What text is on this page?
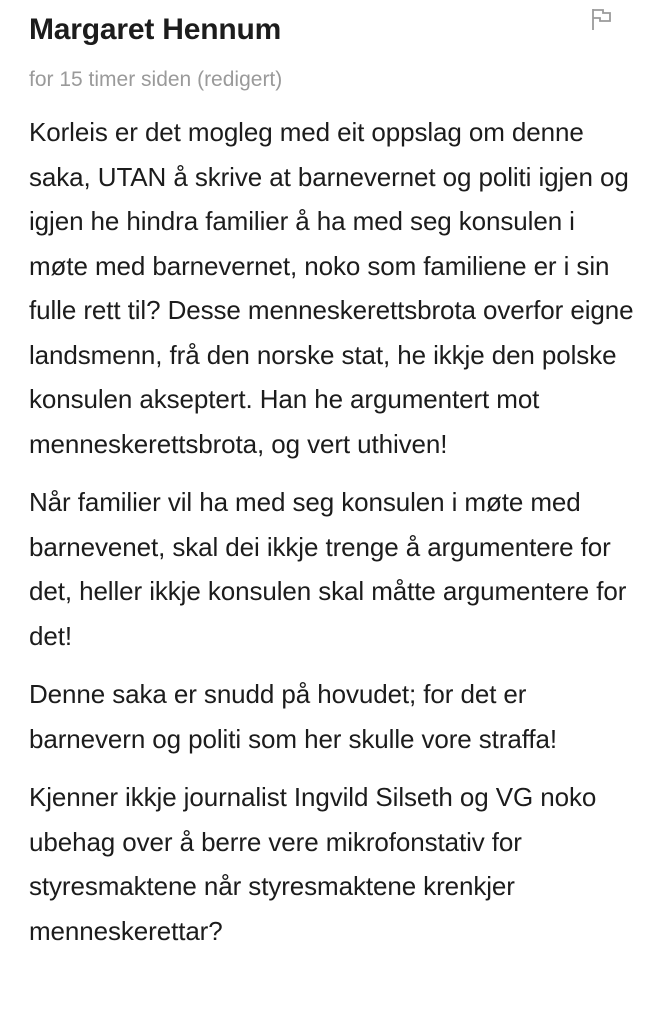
Margaret Hennum
for 15 timer siden (redigert)

Korleis er det mogleg med eit oppslag om denne saka, UTAN å skrive at barnevernet og politi igjen og igjen he hindra familier å ha med seg konsulen i møte med barnevernet, noko som familiene er i sin fulle rett til? Desse menneskerettsbrota overfor eigne landsmenn, frå den norske stat, he ikkje den polske konsulen akseptert. Han he argumentert mot menneskerettsbrota, og vert uthiven!

Når familier vil ha med seg konsulen i møte med barnevenet, skal dei ikkje trenge å argumentere for det, heller ikkje konsulen skal måtte argumentere for det!

Denne saka er snudd på hovudet; for det er barnevern og politi som her skulle vore straffa!

Kjenner ikkje journalist Ingvild Silseth og VG noko ubehag over å berre vere mikrofonstativ for styresmaktene når styresmaktene krenkjer menneskerettar?
